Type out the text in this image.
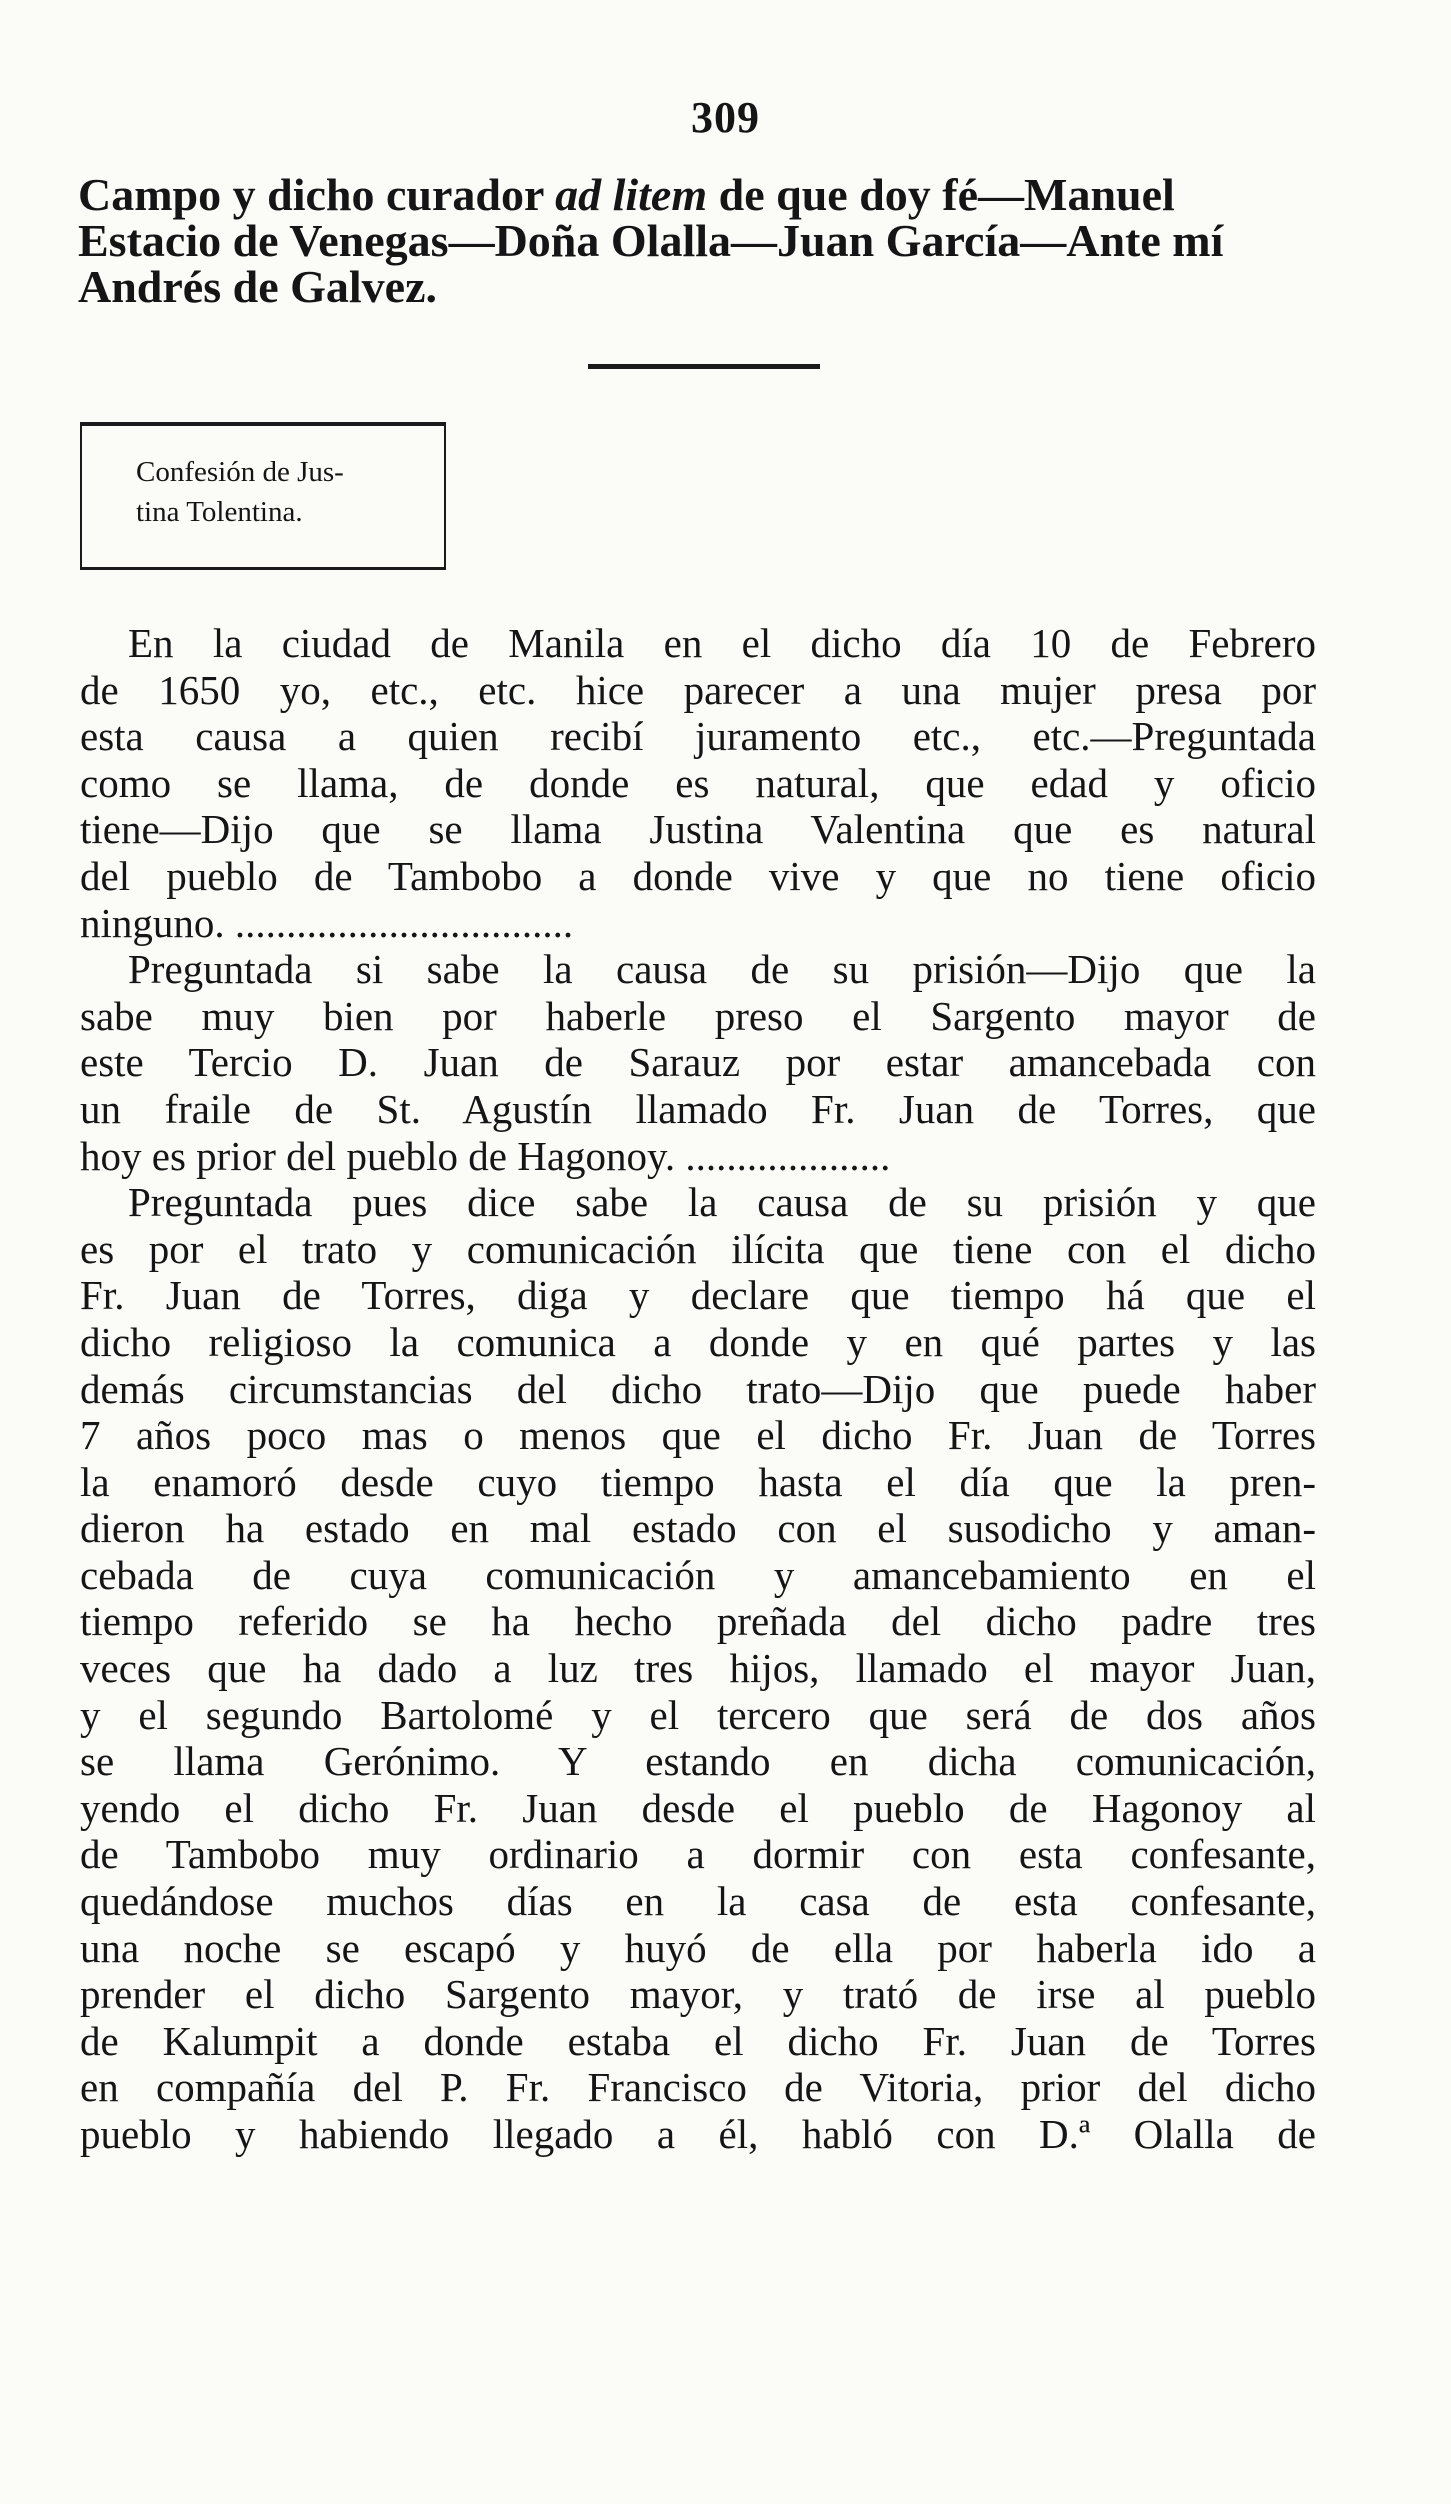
309
Campo y dicho curador ad litem de que doy fé—Manuel
Estacio de Venegas—Doña Olalla—Juan García—Ante mí
Andrés de Galvez.
Confesión de Jus-
tina Tolentina.
En la ciudad de Manila en el dicho día 10 de Febrero
de 1650 yo, etc., etc. hice parecer a una mujer presa por
esta causa a quien recibí juramento etc., etc.—Preguntada
como se llama, de donde es natural, que edad y oficio
tiene—Dijo que se llama Justina Valentina que es natural
del pueblo de Tambobo a donde vive y que no tiene oficio
ninguno. .................................
Preguntada si sabe la causa de su prisión—Dijo que la
sabe muy bien por haberle preso el Sargento mayor de
este Tercio D. Juan de Sarauz por estar amancebada con
un fraile de St. Agustín llamado Fr. Juan de Torres, que
hoy es prior del pueblo de Hagonoy. ....................
Preguntada pues dice sabe la causa de su prisión y que
es por el trato y comunicación ilícita que tiene con el dicho
Fr. Juan de Torres, diga y declare que tiempo há que el
dicho religioso la comunica a donde y en qué partes y las
demás circumstancias del dicho trato—Dijo que puede haber
7 años poco mas o menos que el dicho Fr. Juan de Torres
la enamoró desde cuyo tiempo hasta el día que la pren-
dieron ha estado en mal estado con el susodicho y aman-
cebada de cuya comunicación y amancebamiento en el
tiempo referido se ha hecho preñada del dicho padre tres
veces que ha dado a luz tres hijos, llamado el mayor Juan,
y el segundo Bartolomé y el tercero que será de dos años
se llama Gerónimo. Y estando en dicha comunicación,
yendo el dicho Fr. Juan desde el pueblo de Hagonoy al
de Tambobo muy ordinario a dormir con esta confesante,
quedándose muchos días en la casa de esta confesante,
una noche se escapó y huyó de ella por haberla ido a
prender el dicho Sargento mayor, y trató de irse al pueblo
de Kalumpit a donde estaba el dicho Fr. Juan de Torres
en compañía del P. Fr. Francisco de Vitoria, prior del dicho
pueblo y habiendo llegado a él, habló con D.ª Olalla de
